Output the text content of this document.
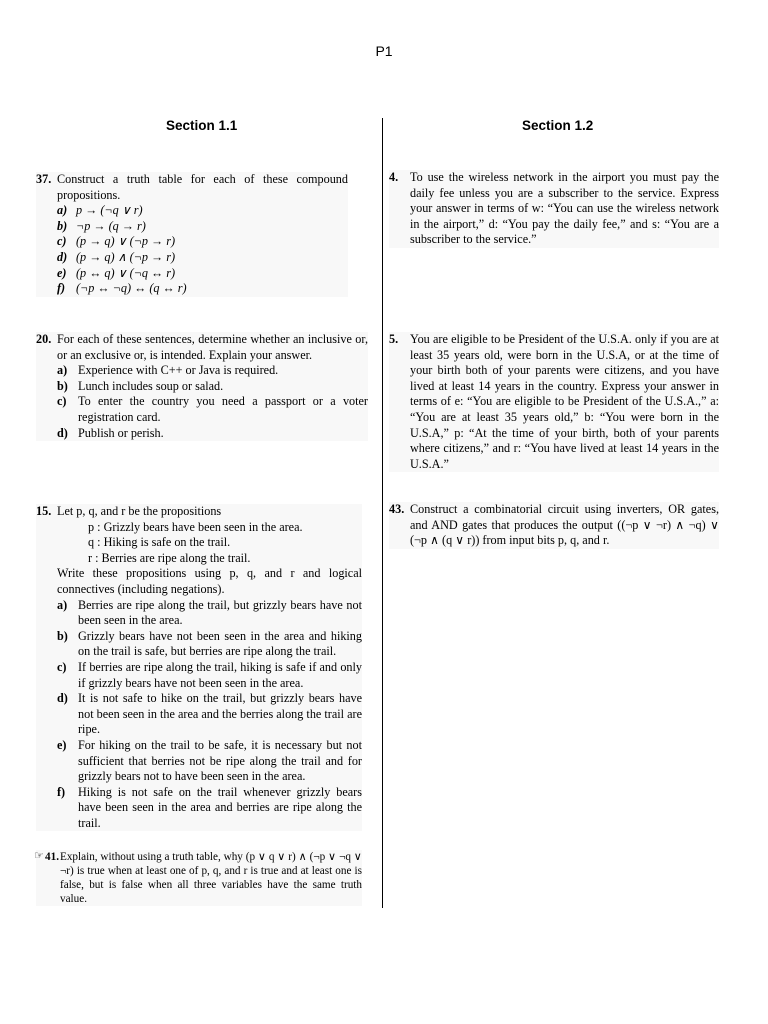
P1
Section 1.1	Section 1.2
37. Construct a truth table for each of these compound propositions.
a) p → (¬q ∨ r)
b) ¬p → (q → r)
c) (p → q) ∨ (¬p → r)
d) (p → q) ∧ (¬p → r)
e) (p ↔ q) ∨ (¬q ↔ r)
f) (¬p ↔ ¬q) ↔ (q ↔ r)
20. For each of these sentences, determine whether an inclusive or, or an exclusive or, is intended. Explain your answer.
a) Experience with C++ or Java is required.
b) Lunch includes soup or salad.
c) To enter the country you need a passport or a voter registration card.
d) Publish or perish.
15. Let p, q, and r be the propositions
p : Grizzly bears have been seen in the area.
q : Hiking is safe on the trail.
r : Berries are ripe along the trail.
Write these propositions using p, q, and r and logical connectives (including negations).
a) Berries are ripe along the trail, but grizzly bears have not been seen in the area.
b) Grizzly bears have not been seen in the area and hiking on the trail is safe, but berries are ripe along the trail.
c) If berries are ripe along the trail, hiking is safe if and only if grizzly bears have not been seen in the area.
d) It is not safe to hike on the trail, but grizzly bears have not been seen in the area and the berries along the trail are ripe.
e) For hiking on the trail to be safe, it is necessary but not sufficient that berries not be ripe along the trail and for grizzly bears not to have been seen in the area.
f) Hiking is not safe on the trail whenever grizzly bears have been seen in the area and berries are ripe along the trail.
☞ 41. Explain, without using a truth table, why (p ∨ q ∨ r) ∧ (¬p ∨ ¬q ∨ ¬r) is true when at least one of p, q, and r is true and at least one is false, but is false when all three variables have the same truth value.
4. To use the wireless network in the airport you must pay the daily fee unless you are a subscriber to the service. Express your answer in terms of w: “You can use the wireless network in the airport,” d: “You pay the daily fee,” and s: “You are a subscriber to the service.”
5. You are eligible to be President of the U.S.A. only if you are at least 35 years old, were born in the U.S.A, or at the time of your birth both of your parents were citizens, and you have lived at least 14 years in the country. Express your answer in terms of e: “You are eligible to be President of the U.S.A.,” a: “You are at least 35 years old,” b: “You were born in the U.S.A,” p: “At the time of your birth, both of your parents where citizens,” and r: “You have lived at least 14 years in the U.S.A.”
43. Construct a combinatorial circuit using inverters, OR gates, and AND gates that produces the output ((¬p ∨ ¬r) ∧ ¬q) ∨ (¬p ∧ (q ∨ r)) from input bits p, q, and r.
